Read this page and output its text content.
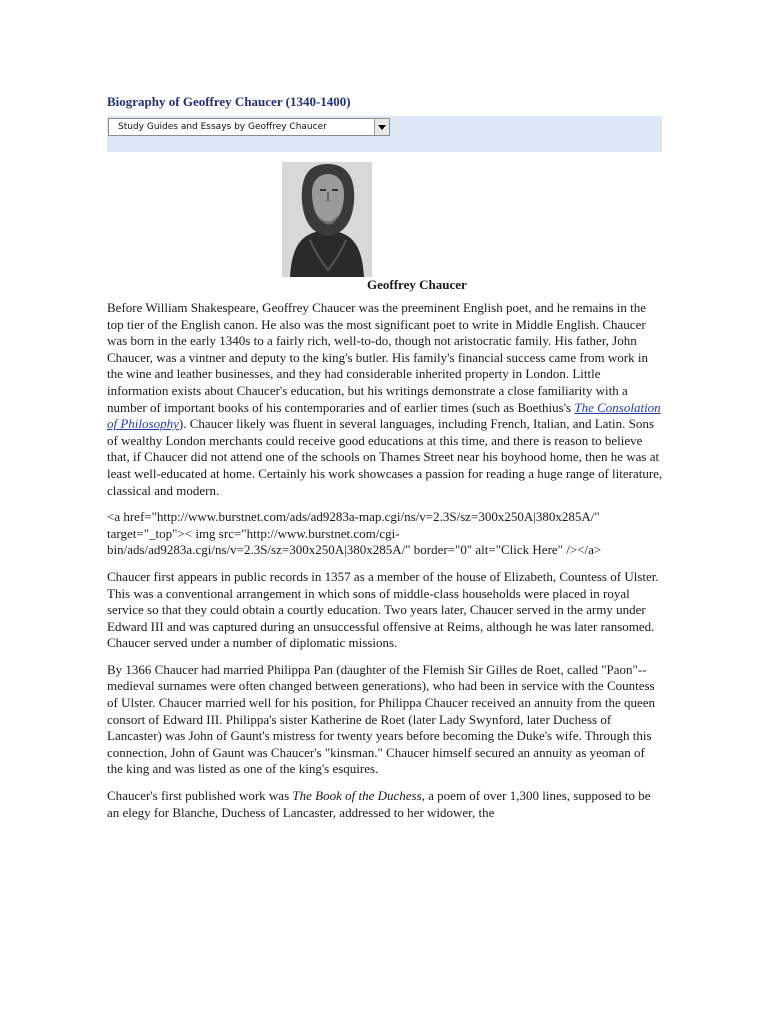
Biography of Geoffrey Chaucer (1340-1400)
Study Guides and Essays by Geoffrey Chaucer

Geoffrey Chaucer

Before William Shakespeare, Geoffrey Chaucer was the preeminent English poet, and he remains in the top tier of the English canon. He also was the most significant poet to write in Middle English. Chaucer was born in the early 1340s to a fairly rich, well-to-do, though not aristocratic family. His father, John Chaucer, was a vintner and deputy to the king's butler. His family's financial success came from work in the wine and leather businesses, and they had considerable inherited property in London. Little information exists about Chaucer's education, but his writings demonstrate a close familiarity with a number of important books of his contemporaries and of earlier times (such as Boethius's The Consolation of Philosophy). Chaucer likely was fluent in several languages, including French, Italian, and Latin. Sons of wealthy London merchants could receive good educations at this time, and there is reason to believe that, if Chaucer did not attend one of the schools on Thames Street near his boyhood home, then he was at least well-educated at home. Certainly his work showcases a passion for reading a huge range of literature, classical and modern.

<a href="http://www.burstnet.com/ads/ad9283a-map.cgi/ns/v=2.3S/sz=300x250A|380x285A/" target="_top">< img src="http://www.burstnet.com/cgi-bin/ads/ad9283a.cgi/ns/v=2.3S/sz=300x250A|380x285A/" border="0" alt="Click Here" /></a>

Chaucer first appears in public records in 1357 as a member of the house of Elizabeth, Countess of Ulster. This was a conventional arrangement in which sons of middle-class households were placed in royal service so that they could obtain a courtly education. Two years later, Chaucer served in the army under Edward III and was captured during an unsuccessful offensive at Reims, although he was later ransomed. Chaucer served under a number of diplomatic missions.

By 1366 Chaucer had married Philippa Pan (daughter of the Flemish Sir Gilles de Roet, called "Paon"--medieval surnames were often changed between generations), who had been in service with the Countess of Ulster. Chaucer married well for his position, for Philippa Chaucer received an annuity from the queen consort of Edward III. Philippa's sister Katherine de Roet (later Lady Swynford, later Duchess of Lancaster) was John of Gaunt's mistress for twenty years before becoming the Duke's wife. Through this connection, John of Gaunt was Chaucer's "kinsman." Chaucer himself secured an annuity as yeoman of the king and was listed as one of the king's esquires.

Chaucer's first published work was The Book of the Duchess, a poem of over 1,300 lines, supposed to be an elegy for Blanche, Duchess of Lancaster, addressed to her widower, the
